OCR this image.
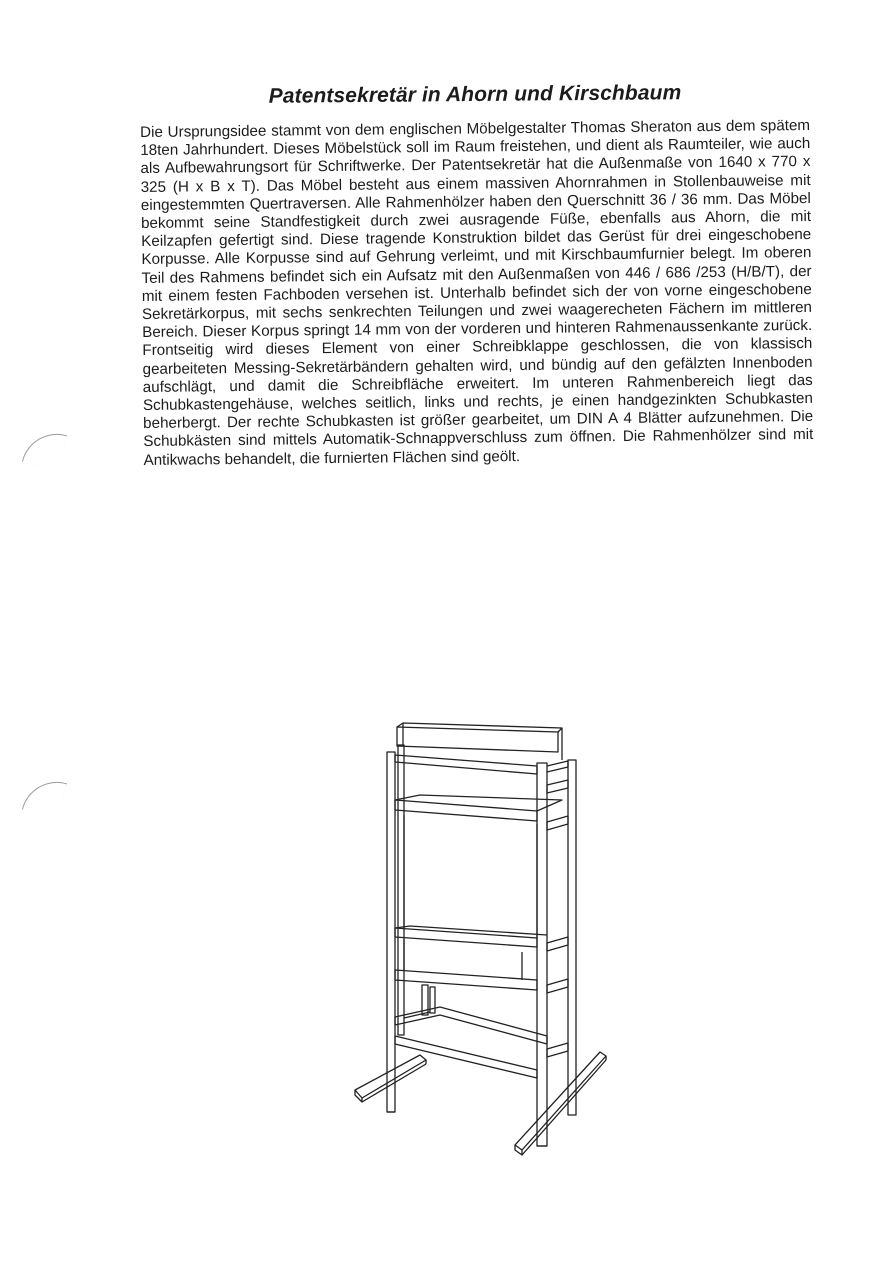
Patentsekretär in Ahorn und Kirschbaum
Die Ursprungsidee stammt von dem englischen Möbelgestalter Thomas Sheraton aus dem spätem 18ten Jahrhundert. Dieses Möbelstück soll im Raum freistehen, und dient als Raumteiler, wie auch als Aufbewahrungsort für Schriftwerke. Der Patentsekretär hat die Außenmaße von 1640 x 770 x 325 (H x B x T). Das Möbel besteht aus einem massiven Ahornrahmen in Stollenbauweise mit eingestemmten Quertraversen. Alle Rahmenhölzer haben den Querschnitt 36 / 36 mm. Das Möbel bekommt seine Standfestigkeit durch zwei ausragende Füße, ebenfalls aus Ahorn, die mit Keilzapfen gefertigt sind. Diese tragende Konstruktion bildet das Gerüst für drei eingeschobene Korpusse. Alle Korpusse sind auf Gehrung verleimt, und mit Kirschbaumfurnier belegt. Im oberen Teil des Rahmens befindet sich ein Aufsatz mit den Außenmaßen von 446 / 686 /253 (H/B/T), der mit einem festen Fachboden versehen ist. Unterhalb befindet sich der von vorne eingeschobene Sekretärkorpus, mit sechs senkrechten Teilungen und zwei waagerecheten Fächern im mittleren Bereich. Dieser Korpus springt 14 mm von der vorderen und hinteren Rahmenaussenkante zurück. Frontseitig wird dieses Element von einer Schreibklappe geschlossen, die von klassisch gearbeiteten Messing-Sekretärbändern gehalten wird, und bündig auf den gefälzten Innenboden aufschlägt, und damit die Schreibfläche erweitert. Im unteren Rahmenbereich liegt das Schubkastengehäuse, welches seitlich, links und rechts, je einen handgezinkten Schubkasten beherbergt. Der rechte Schubkasten ist größer gearbeitet, um DIN A 4 Blätter aufzunehmen. Die Schubkästen sind mittels Automatik-Schnappverschluss zum öffnen. Die Rahmenhölzer sind mit Antikwachs behandelt, die furnierten Flächen sind geölt.
